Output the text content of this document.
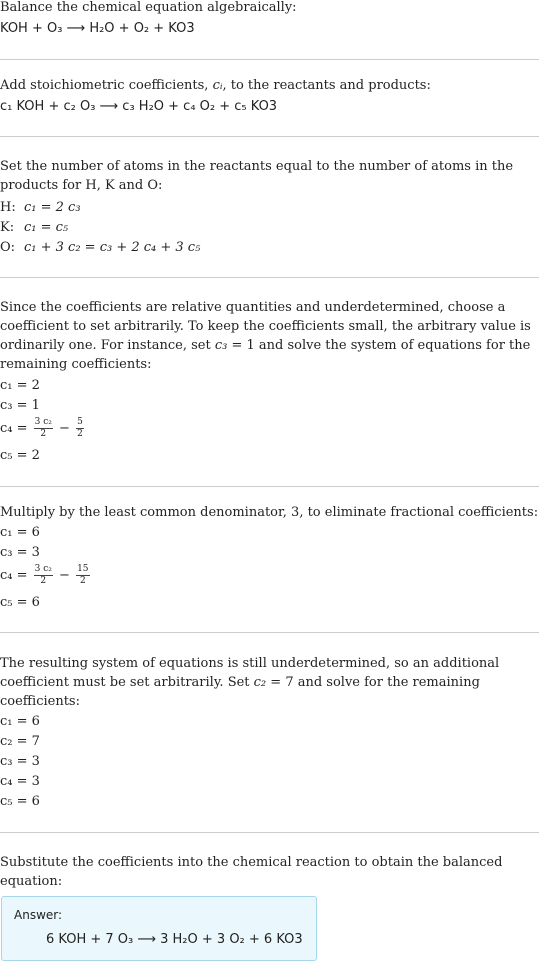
Balance the chemical equation algebraically:
KOH + O₃ ⟶ H₂O + O₂ + KO3
Add stoichiometric coefficients, cᵢ, to the reactants and products:
c₁ KOH + c₂ O₃ ⟶ c₃ H₂O + c₄ O₂ + c₅ KO3
Set the number of atoms in the reactants equal to the number of atoms in the
products for H, K and O:
H: c₁ = 2 c₃
K: c₁ = c₅
O: c₁ + 3 c₂ = c₃ + 2 c₄ + 3 c₅
Since the coefficients are relative quantities and underdetermined, choose a
coefficient to set arbitrarily. To keep the coefficients small, the arbitrary value is
ordinarily one. For instance, set c₃ = 1 and solve the system of equations for the
remaining coefficients:
c₁ = 2
c₃ = 1
$c_4 = \frac{\text{3 c₂}}{2} - \frac{5}{2}$
c₅ = 2
Multiply by the least common denominator, 3, to eliminate fractional coefficients:
c₁ = 6
c₃ = 3
$c_4 = \frac{\text{3 c₂}}{2} - \frac{15}{2}$
c₅ = 6
The resulting system of equations is still underdetermined, so an additional
coefficient must be set arbitrarily. Set c₂ = 7 and solve for the remaining
coefficients:
c₁ = 6
c₂ = 7
c₃ = 3
c₄ = 3
c₅ = 6
Substitute the coefficients into the chemical reaction to obtain the balanced
equation:
Answer:
6 KOH + 7 O₃ ⟶ 3 H₂O + 3 O₂ + 6 KO3
